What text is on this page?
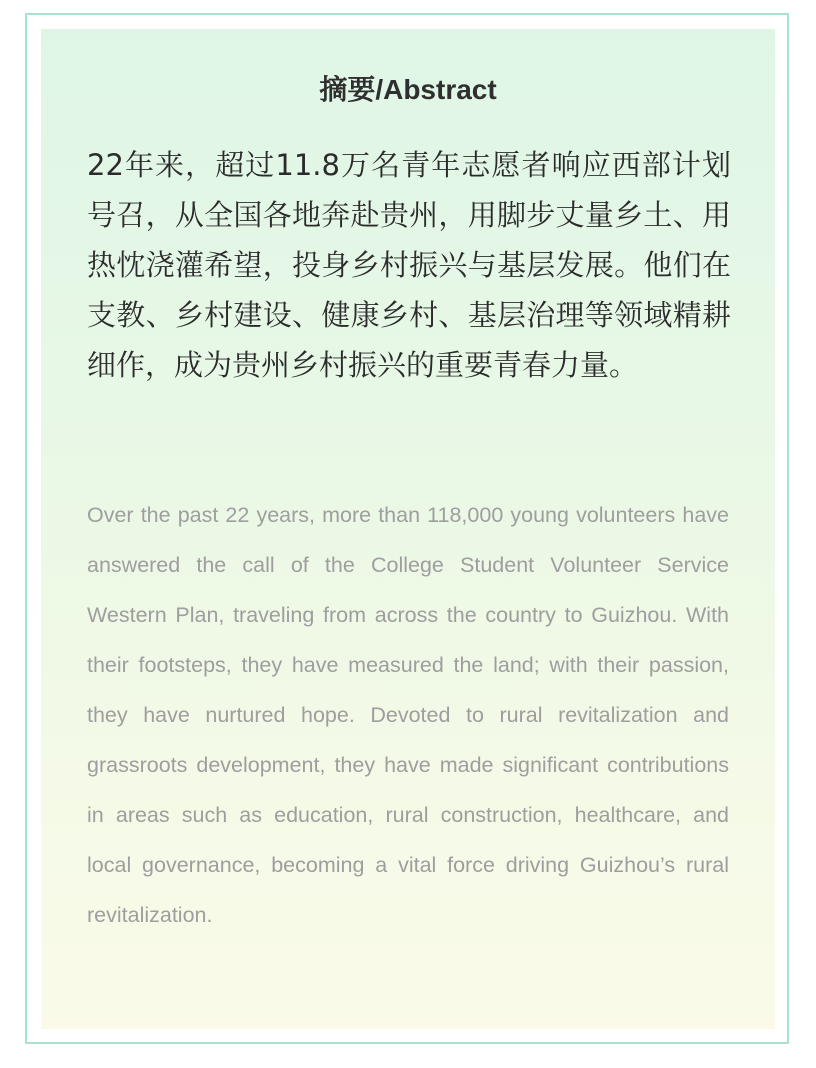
摘要/Abstract

22年来，超过11.8万名青年志愿者响应西部计划号召，从全国各地奔赴贵州，用脚步丈量乡土、用热忱浇灌希望，投身乡村振兴与基层发展。他们在支教、乡村建设、健康乡村、基层治理等领域精耕细作，成为贵州乡村振兴的重要青春力量。

Over the past 22 years, more than 118,000 young volunteers have answered the call of the College Student Volunteer Service Western Plan, traveling from across the country to Guizhou. With their footsteps, they have measured the land; with their passion, they have nurtured hope. Devoted to rural revitalization and grassroots development, they have made significant contributions in areas such as education, rural construction, healthcare, and local governance, becoming a vital force driving Guizhou’s rural revitalization.
